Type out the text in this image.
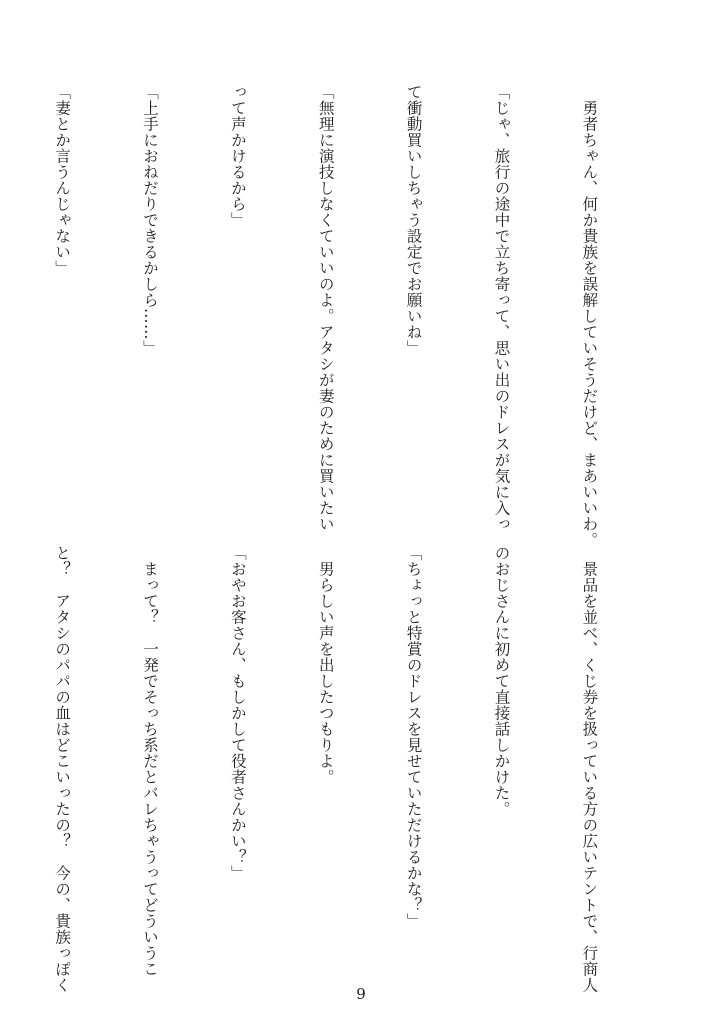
　勇者ちゃん、何か貴族を誤解していそうだけど、まあいいわ。

「じゃ、旅行の途中で立ち寄って、思い出のドレスが気に入っ

て衝動買いしちゃう設定でお願いね」

「無理に演技しなくていいのよ。アタシが妻のために買いたい

って声かけるから」

「上手におねだりできるかしら……」

「妻とか言うんじゃない」

　景品を並べ、くじ券を扱っている方の広いテントで、行商人

のおじさんに初めて直接話しかけた。

「ちょっと特賞のドレスを見せていただけるかな？」

　男らしい声を出したつもりよ。

「おやお客さん、もしかして役者さんかい？」

　まって？　一発でそっち系だとバレちゃうってどういうこ

と？　アタシのパパの血はどこいったの？　今の、貴族っぽく

9
